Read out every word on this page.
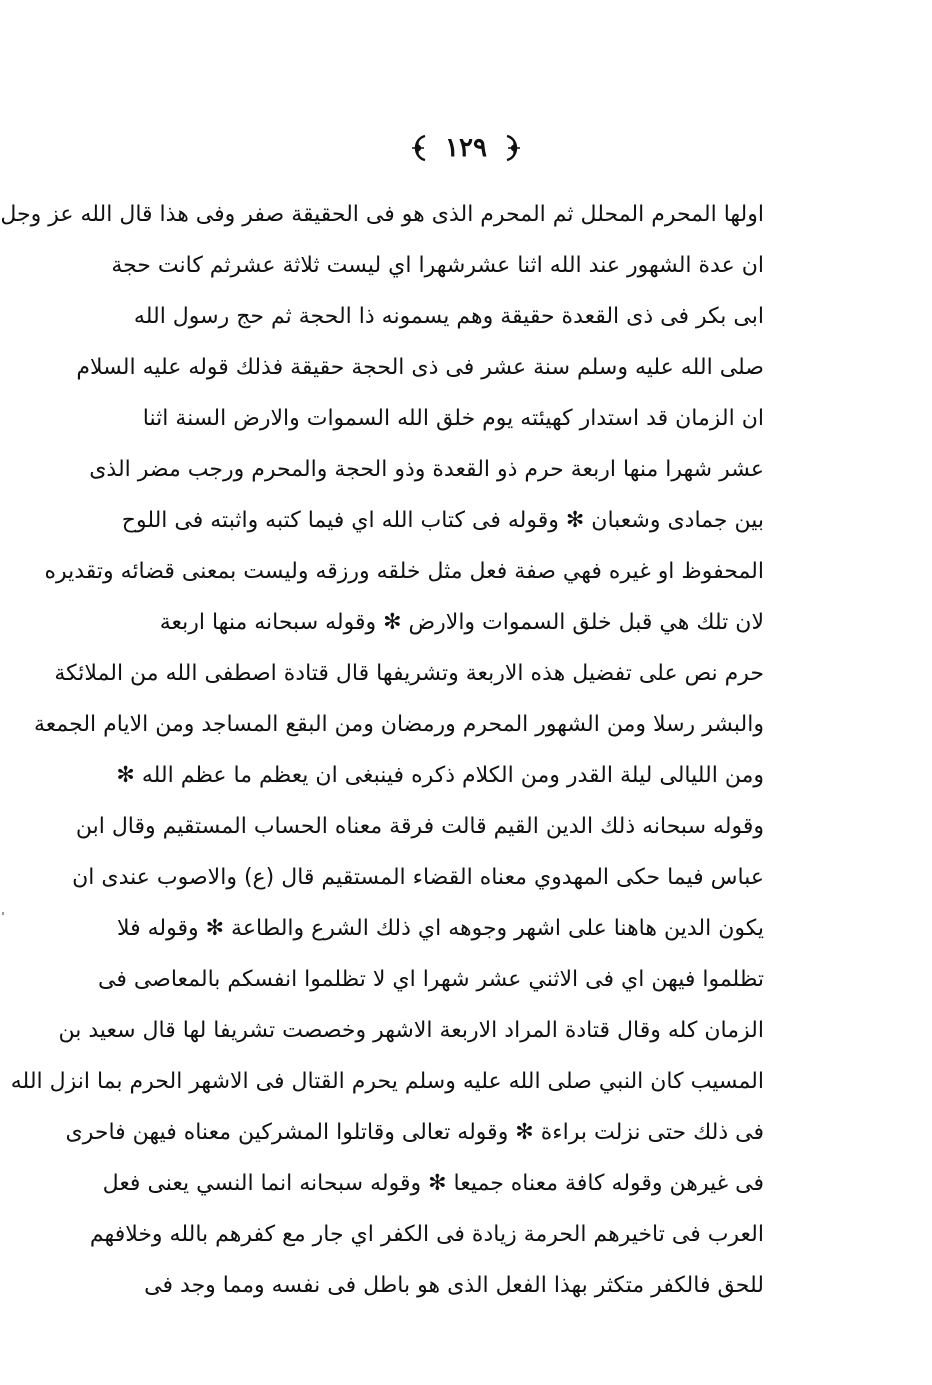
١٢٩
اولها المحرم المحلل ثم المحرم الذى هو فى الحقيقة صفر وفى هذا قال الله عز وجل
ان عدة الشهور عند الله اثنا عشرشهرا اي ليست ثلاثة عشرثم كانت حجة
ابى بكر فى ذى القعدة حقيقة وهم يسمونه ذا الحجة ثم حج رسول الله
صلى الله عليه وسلم سنة عشر فى ذى الحجة حقيقة فذلك قوله عليه السلام
ان الزمان قد استدار كهيئته يوم خلق الله السموات والارض السنة اثنا
عشر شهرا منها اربعة حرم ذو القعدة وذو الحجة والمحرم ورجب مضر الذى
بين جمادى وشعبان ✻ وقوله فى كتاب الله اي فيما كتبه واثبته فى اللوح
المحفوظ او غيره فهي صفة فعل مثل خلقه ورزقه وليست بمعنى قضائه وتقديره
لان تلك هي قبل خلق السموات والارض ✻ وقوله سبحانه منها اربعة
حرم نص على تفضيل هذه الاربعة وتشريفها قال قتادة اصطفى الله من الملائكة
والبشر رسلا ومن الشهور المحرم ورمضان ومن البقع المساجد ومن الايام الجمعة
ومن الليالى ليلة القدر ومن الكلام ذكره فينبغى ان يعظم ما عظم الله ✻
وقوله سبحانه ذلك الدين القيم قالت فرقة معناه الحساب المستقيم وقال ابن
عباس فيما حكى المهدوي معناه القضاء المستقيم قال (ع) والاصوب عندى ان
يكون الدين هاهنا على اشهر وجوهه اي ذلك الشرع والطاعة ✻ وقوله فلا
تظلموا فيهن اي فى الاثني عشر شهرا اي لا تظلموا انفسكم بالمعاصى فى
الزمان كله وقال قتادة المراد الاربعة الاشهر وخصصت تشريفا لها قال سعيد بن
المسيب كان النبي صلى الله عليه وسلم يحرم القتال فى الاشهر الحرم بما انزل الله
فى ذلك حتى نزلت براءة ✻ وقوله تعالى وقاتلوا المشركين معناه فيهن فاحرى
فى غيرهن وقوله كافة معناه جميعا ✻ وقوله سبحانه انما النسي يعنى فعل
العرب فى تاخيرهم الحرمة زيادة فى الكفر اي جار مع كفرهم بالله وخلافهم
للحق فالكفر متكثر بهذا الفعل الذى هو باطل فى نفسه ومما وجد فى
